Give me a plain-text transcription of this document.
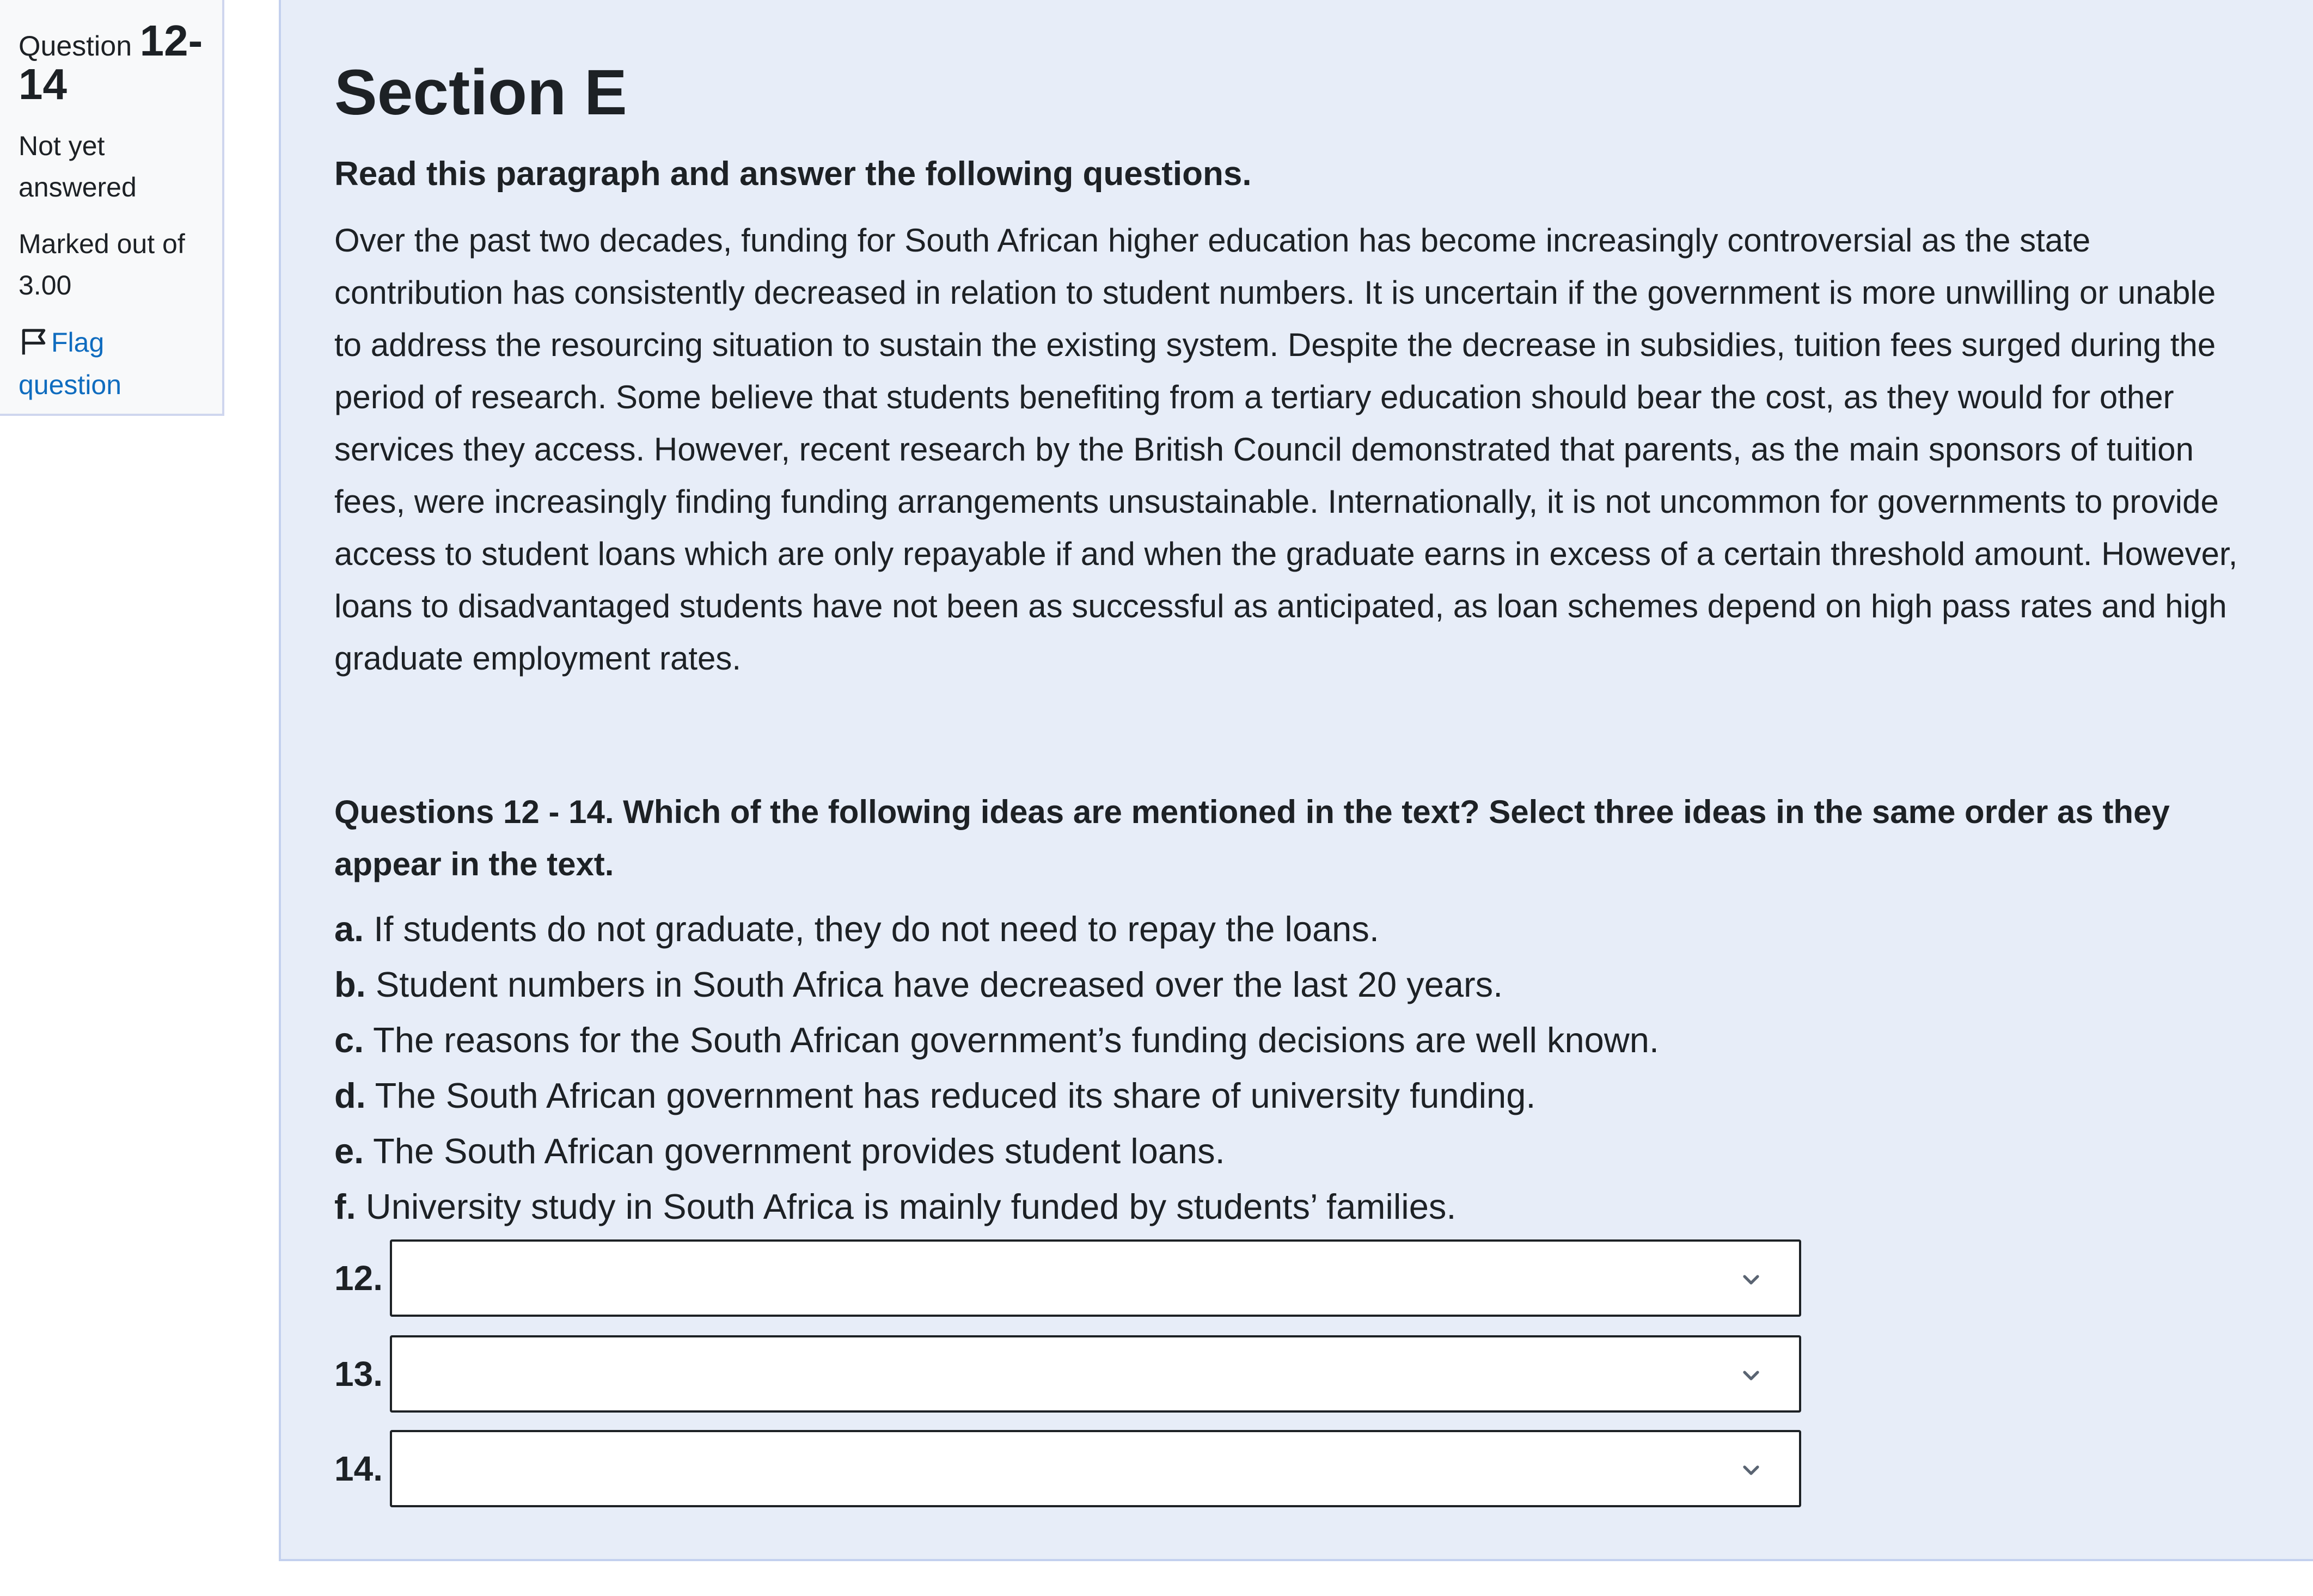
Question 12-14
Not yet answered
Marked out of 3.00
Flag question
Section E
Read this paragraph and answer the following questions.
Over the past two decades, funding for South African higher education has become increasingly controversial as the state contribution has consistently decreased in relation to student numbers. It is uncertain if the government is more unwilling or unable to address the resourcing situation to sustain the existing system. Despite the decrease in subsidies, tuition fees surged during the period of research. Some believe that students benefiting from a tertiary education should bear the cost, as they would for other services they access. However, recent research by the British Council demonstrated that parents, as the main sponsors of tuition fees, were increasingly finding funding arrangements unsustainable. Internationally, it is not uncommon for governments to provide access to student loans which are only repayable if and when the graduate earns in excess of a certain threshold amount. However, loans to disadvantaged students have not been as successful as anticipated, as loan schemes depend on high pass rates and high graduate employment rates.
Questions 12 - 14. Which of the following ideas are mentioned in the text? Select three ideas in the same order as they appear in the text.
a. If students do not graduate, they do not need to repay the loans.
b. Student numbers in South Africa have decreased over the last 20 years.
c. The reasons for the South African government’s funding decisions are well known.
d. The South African government has reduced its share of university funding.
e. The South African government provides student loans.
f. University study in South Africa is mainly funded by students’ families.
12.
13.
14.
